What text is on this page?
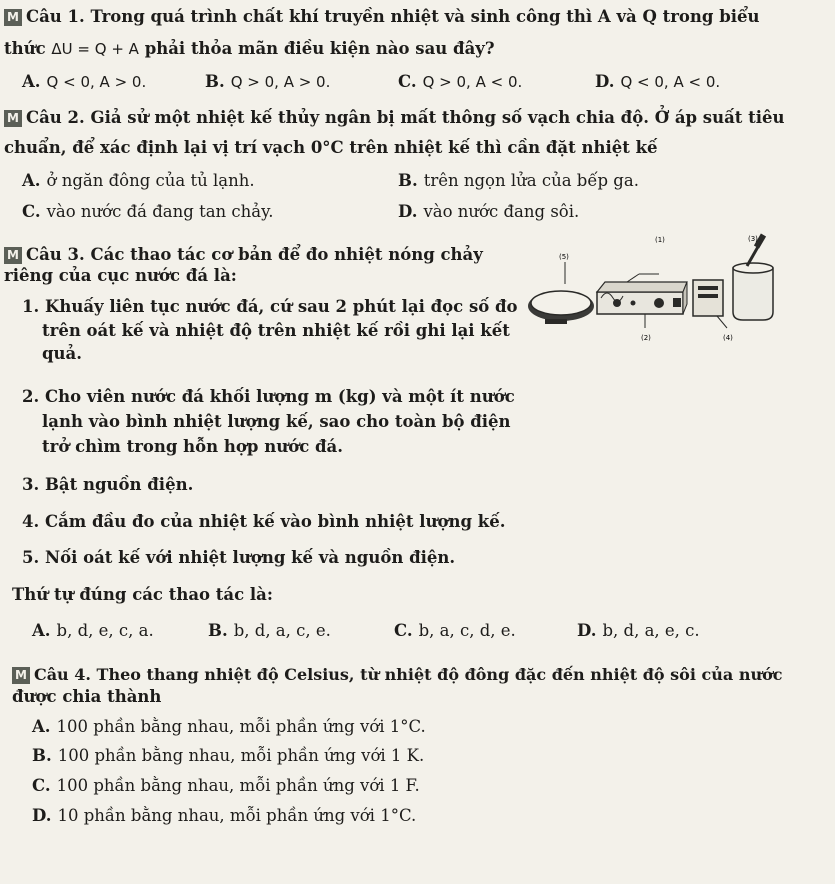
M Câu 1. Trong quá trình chất khí truyền nhiệt và sinh công thì A và Q trong biểu
thức ΔU = Q + A phải thỏa mãn điều kiện nào sau đây?
A. Q < 0, A > 0.	B. Q > 0, A > 0.	C. Q > 0, A < 0.	D. Q < 0, A < 0.
M Câu 2. Giả sử một nhiệt kế thủy ngân bị mất thông số vạch chia độ. Ở áp suất tiêu
chuẩn, để xác định lại vị trí vạch 0°C trên nhiệt kế thì cần đặt nhiệt kế
A. ở ngăn đông của tủ lạnh.	B. trên ngọn lửa của bếp ga.
C. vào nước đá đang tan chảy.	D. vào nước đang sôi.
M Câu 3. Các thao tác cơ bản để đo nhiệt nóng chảy
riêng của cục nước đá là:
(1)
(2)
(3)
(4)
(5)
1. Khuấy liên tục nước đá, cứ sau 2 phút lại đọc số đo
trên oát kế và nhiệt độ trên nhiệt kế rồi ghi lại kết
quả.
2. Cho viên nước đá khối lượng m (kg) và một ít nước
lạnh vào bình nhiệt lượng kế, sao cho toàn bộ điện
trở chìm trong hỗn hợp nước đá.
3. Bật nguồn điện.
4. Cắm đầu đo của nhiệt kế vào bình nhiệt lượng kế.
5. Nối oát kế với nhiệt lượng kế và nguồn điện.
Thứ tự đúng các thao tác là:
A. b, d, e, c, a.	B. b, d, a, c, e.	C. b, a, c, d, e.	D. b, d, a, e, c.
M Câu 4. Theo thang nhiệt độ Celsius, từ nhiệt độ đông đặc đến nhiệt độ sôi của nước
được chia thành
A. 100 phần bằng nhau, mỗi phần ứng với 1°C.
B. 100 phần bằng nhau, mỗi phần ứng với 1 K.
C. 100 phần bằng nhau, mỗi phần ứng với 1 F.
D. 10 phần bằng nhau, mỗi phần ứng với 1°C.
